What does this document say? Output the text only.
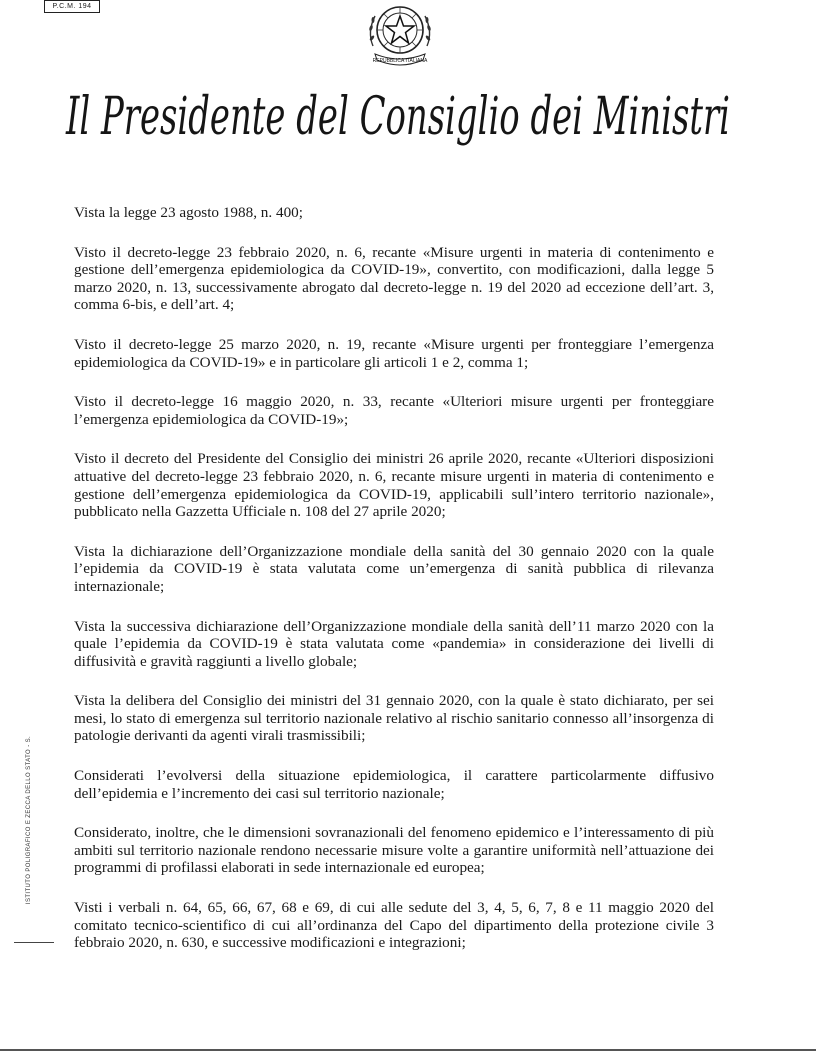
P.C.M. 194
REPUBBLICA ITALIANA
Il Presidente del Consiglio dei Ministri

Vista la legge 23 agosto 1988, n. 400;

Visto il decreto-legge 23 febbraio 2020, n. 6, recante «Misure urgenti in materia di contenimento e gestione dell’emergenza epidemiologica da COVID-19», convertito, con modificazioni, dalla legge 5 marzo 2020, n. 13, successivamente abrogato dal decreto-legge n. 19 del 2020 ad eccezione dell’art. 3, comma 6-bis, e dell’art. 4;

Visto il decreto-legge 25 marzo 2020, n. 19, recante «Misure urgenti per fronteggiare l’emergenza epidemiologica da COVID-19» e in particolare gli articoli 1 e 2, comma 1;

Visto il decreto-legge 16 maggio 2020, n. 33, recante «Ulteriori misure urgenti per fronteggiare l’emergenza epidemiologica da COVID-19»;

Visto il decreto del Presidente del Consiglio dei ministri 26 aprile 2020, recante «Ulteriori disposizioni attuative del decreto-legge 23 febbraio 2020, n. 6, recante misure urgenti in materia di contenimento e gestione dell’emergenza epidemiologica da COVID-19, applicabili sull’intero territorio nazionale», pubblicato nella Gazzetta Ufficiale n. 108 del 27 aprile 2020;

Vista la dichiarazione dell’Organizzazione mondiale della sanità del 30 gennaio 2020 con la quale l’epidemia da COVID-19 è stata valutata come un’emergenza di sanità pubblica di rilevanza internazionale;

Vista la successiva dichiarazione dell’Organizzazione mondiale della sanità dell’11 marzo 2020 con la quale l’epidemia da COVID-19 è stata valutata come «pandemia» in considerazione dei livelli di diffusività e gravità raggiunti a livello globale;

Vista la delibera del Consiglio dei ministri del 31 gennaio 2020, con la quale è stato dichiarato, per sei mesi, lo stato di emergenza sul territorio nazionale relativo al rischio sanitario connesso all’insorgenza di patologie derivanti da agenti virali trasmissibili;

Considerati l’evolversi della situazione epidemiologica, il carattere particolarmente diffusivo dell’epidemia e l’incremento dei casi sul territorio nazionale;

Considerato, inoltre, che le dimensioni sovranazionali del fenomeno epidemico e l’interessamento di più ambiti sul territorio nazionale rendono necessarie misure volte a garantire uniformità nell’attuazione dei programmi di profilassi elaborati in sede internazionale ed europea;

Visti i verbali n. 64, 65, 66, 67, 68 e 69, di cui alle sedute del 3, 4, 5, 6, 7, 8 e 11 maggio 2020 del comitato tecnico-scientifico di cui all’ordinanza del Capo del dipartimento della protezione civile 3 febbraio 2020, n. 630, e successive modificazioni e integrazioni;

ISTITUTO POLIGRAFICO E ZECCA DELLO STATO - S.
